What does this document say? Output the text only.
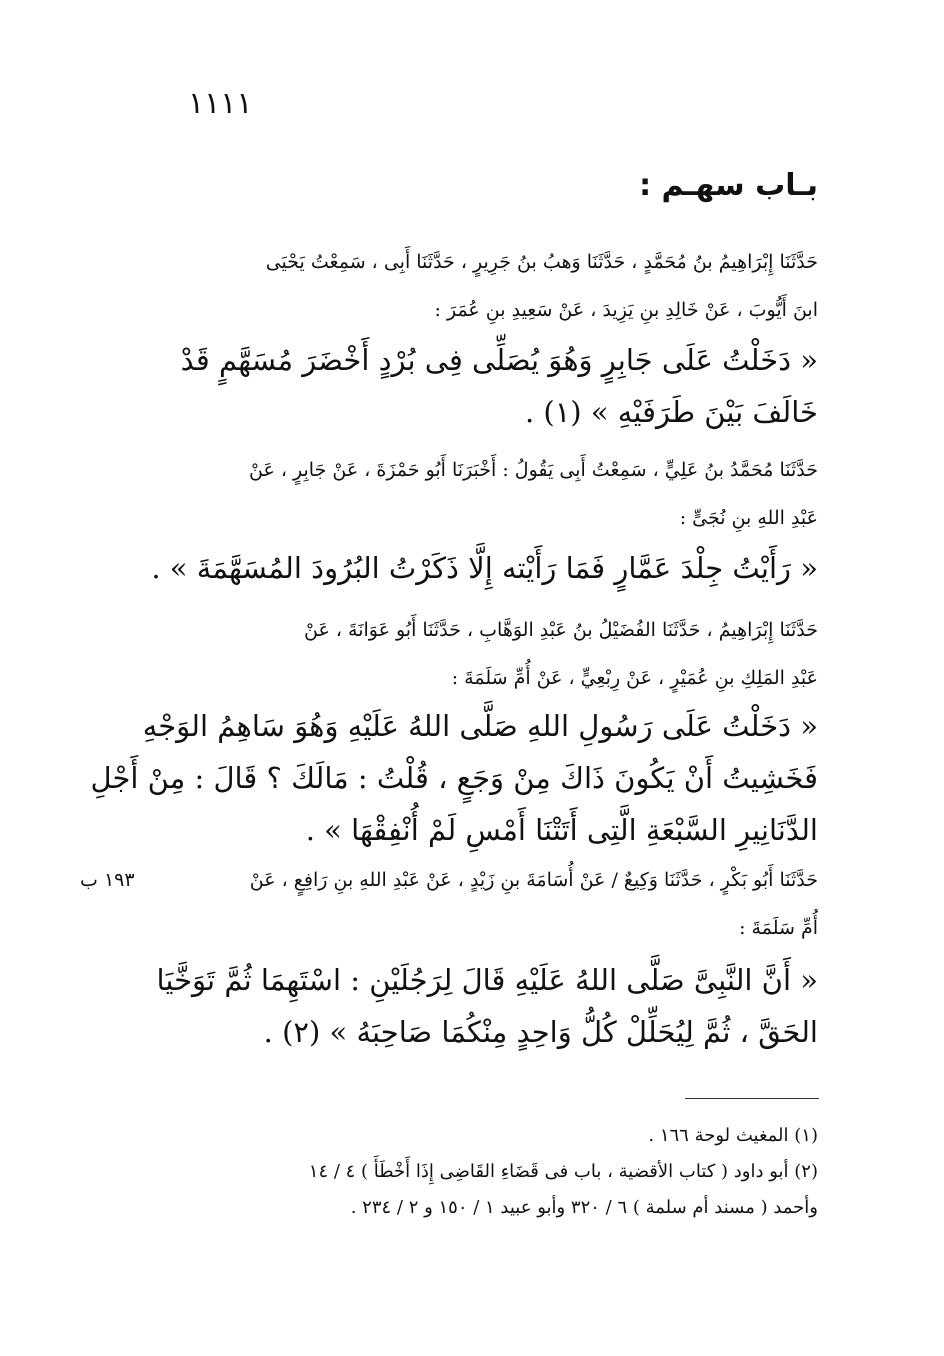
١١١١
بـاب سهـم :
حَدَّثَنَا إِبْرَاهِيمُ بنُ مُحَمَّدٍ ، حَدَّثَنَا وَهبُ بنُ جَرِيرٍ ، حَدَّثَنَا أَبِى ، سَمِعْتُ يَحْيَى
ابنَ أَيُّوبَ ، عَنْ خَالِدِ بنِ يَزِيدَ ، عَنْ سَعِيدِ بنِ عُمَرَ :
« دَخَلْتُ عَلَى جَابِرٍ وَهُوَ يُصَلِّى فِى بُرْدٍ أَخْضَرَ مُسَهَّمٍ قَدْ
خَالَفَ بَيْنَ طَرَفَيْهِ » (١) .
حَدَّثَنَا مُحَمَّدُ بنُ عَلِيٍّ ، سَمِعْتُ أَبِى يَقُولُ : أَخْبَرَنَا أَبُو حَمْزَةَ ، عَنْ جَابِرٍ ، عَنْ
عَبْدِ اللهِ بنِ نُجَىٍّ :
« رَأَيْتُ جِلْدَ عَمَّارٍ فَمَا رَأَيْته إِلَّا ذَكَرْتُ البُرُودَ المُسَهَّمَةَ » .
حَدَّثَنَا إِبْرَاهِيمُ ، حَدَّثَنَا الفُضَيْلُ بنُ عَبْدِ الوَهَّابِ ، حَدَّثَنَا أَبُو عَوَانَةَ ، عَنْ
عَبْدِ المَلِكِ بنِ عُمَيْرٍ ، عَنْ رِبْعِيٍّ ، عَنْ أُمِّ سَلَمَةَ :
« دَخَلْتُ عَلَى رَسُولِ اللهِ صَلَّى اللهُ عَلَيْهِ وَهُوَ سَاهِمُ الوَجْهِ
فَخَشِيتُ أَنْ يَكُونَ ذَاكَ مِنْ وَجَعٍ ، قُلْتُ : مَالَكَ ؟ قَالَ : مِنْ أَجْلِ
الدَّنَانِيرِ السَّبْعَةِ الَّتِى أَتَتْنَا أَمْسِ لَمْ أُنْفِقْهَا » .
حَدَّثَنَا أَبُو بَكْرٍ ، حَدَّثَنَا وَكِيعٌ / عَنْ أُسَامَةَ بنِ زَيْدٍ ، عَنْ عَبْدِ اللهِ بنِ رَافِعٍ ، عَنْ
أُمِّ سَلَمَةَ :
١٩٣ ب
« أَنَّ النَّبِىَّ صَلَّى اللهُ عَلَيْهِ قَالَ لِرَجُلَيْنِ : اسْتَهِمَا ثُمَّ تَوَخَّيَا
الحَقَّ ، ثُمَّ لِيُحَلِّلْ كُلُّ وَاحِدٍ مِنْكُمَا صَاحِبَهُ » (٢) .
(١) المغيث لوحة ١٦٦ .
(٢) أبو داود ( كتاب الأقضية ، باب فى قَضَاءِ القَاضِى إِذَا أَخْطَأَ ) ٤ / ١٤
وأحمد ( مسند أم سلمة ) ٦ / ٣٢٠ وأبو عبيد ١ / ١٥٠ و ٢ / ٢٣٤ .
